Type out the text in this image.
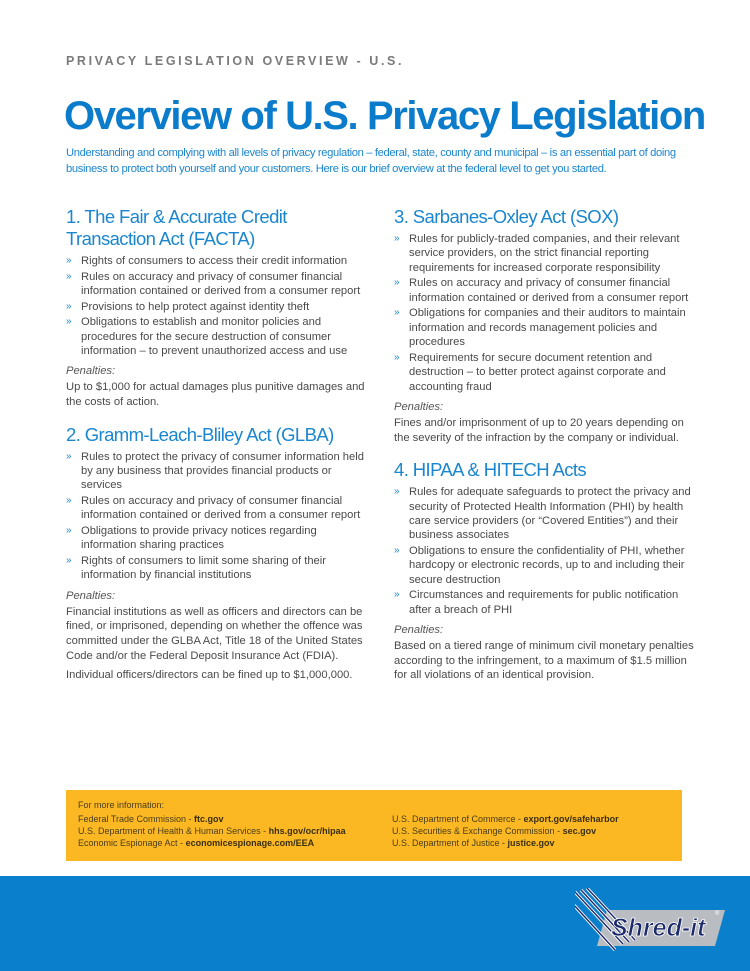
PRIVACY LEGISLATION OVERVIEW - U.S.
Overview of U.S. Privacy Legislation
Understanding and complying with all levels of privacy regulation – federal, state, county and municipal – is an essential part of doing business to protect both yourself and your customers. Here is our brief overview at the federal level to get you started.
1. The Fair & Accurate Credit Transaction Act (FACTA)
» Rights of consumers to access their credit information
» Rules on accuracy and privacy of consumer financial information contained or derived from a consumer report
» Provisions to help protect against identity theft
» Obligations to establish and monitor policies and procedures for the secure destruction of consumer information – to prevent unauthorized access and use
Penalties:
Up to $1,000 for actual damages plus punitive damages and the costs of action.
2. Gramm-Leach-Bliley Act (GLBA)
» Rules to protect the privacy of consumer information held by any business that provides financial products or services
» Rules on accuracy and privacy of consumer financial information contained or derived from a consumer report
» Obligations to provide privacy notices regarding information sharing practices
» Rights of consumers to limit some sharing of their information by financial institutions
Penalties:
Financial institutions as well as officers and directors can be fined, or imprisoned, depending on whether the offence was committed under the GLBA Act, Title 18 of the United States Code and/or the Federal Deposit Insurance Act (FDIA).
Individual officers/directors can be fined up to $1,000,000.
3. Sarbanes-Oxley Act (SOX)
» Rules for publicly-traded companies, and their relevant service providers, on the strict financial reporting requirements for increased corporate responsibility
» Rules on accuracy and privacy of consumer financial information contained or derived from a consumer report
» Obligations for companies and their auditors to maintain information and records management policies and procedures
» Requirements for secure document retention and destruction – to better protect against corporate and accounting fraud
Penalties:
Fines and/or imprisonment of up to 20 years depending on the severity of the infraction by the company or individual.
4. HIPAA & HITECH Acts
» Rules for adequate safeguards to protect the privacy and security of Protected Health Information (PHI) by health care service providers (or “Covered Entities”) and their business associates
» Obligations to ensure the confidentiality of PHI, whether hardcopy or electronic records, up to and including their secure destruction
» Circumstances and requirements for public notification after a breach of PHI
Penalties:
Based on a tiered range of minimum civil monetary penalties according to the infringement, to a maximum of $1.5 million for all violations of an identical provision.
For more information:
Federal Trade Commission - ftc.gov
U.S. Department of Health & Human Services - hhs.gov/ocr/hipaa
Economic Espionage Act - economicespionage.com/EEA
U.S. Department of Commerce - export.gov/safeharbor
U.S. Securities & Exchange Commission - sec.gov
U.S. Department of Justice - justice.gov
Shred-it ®
